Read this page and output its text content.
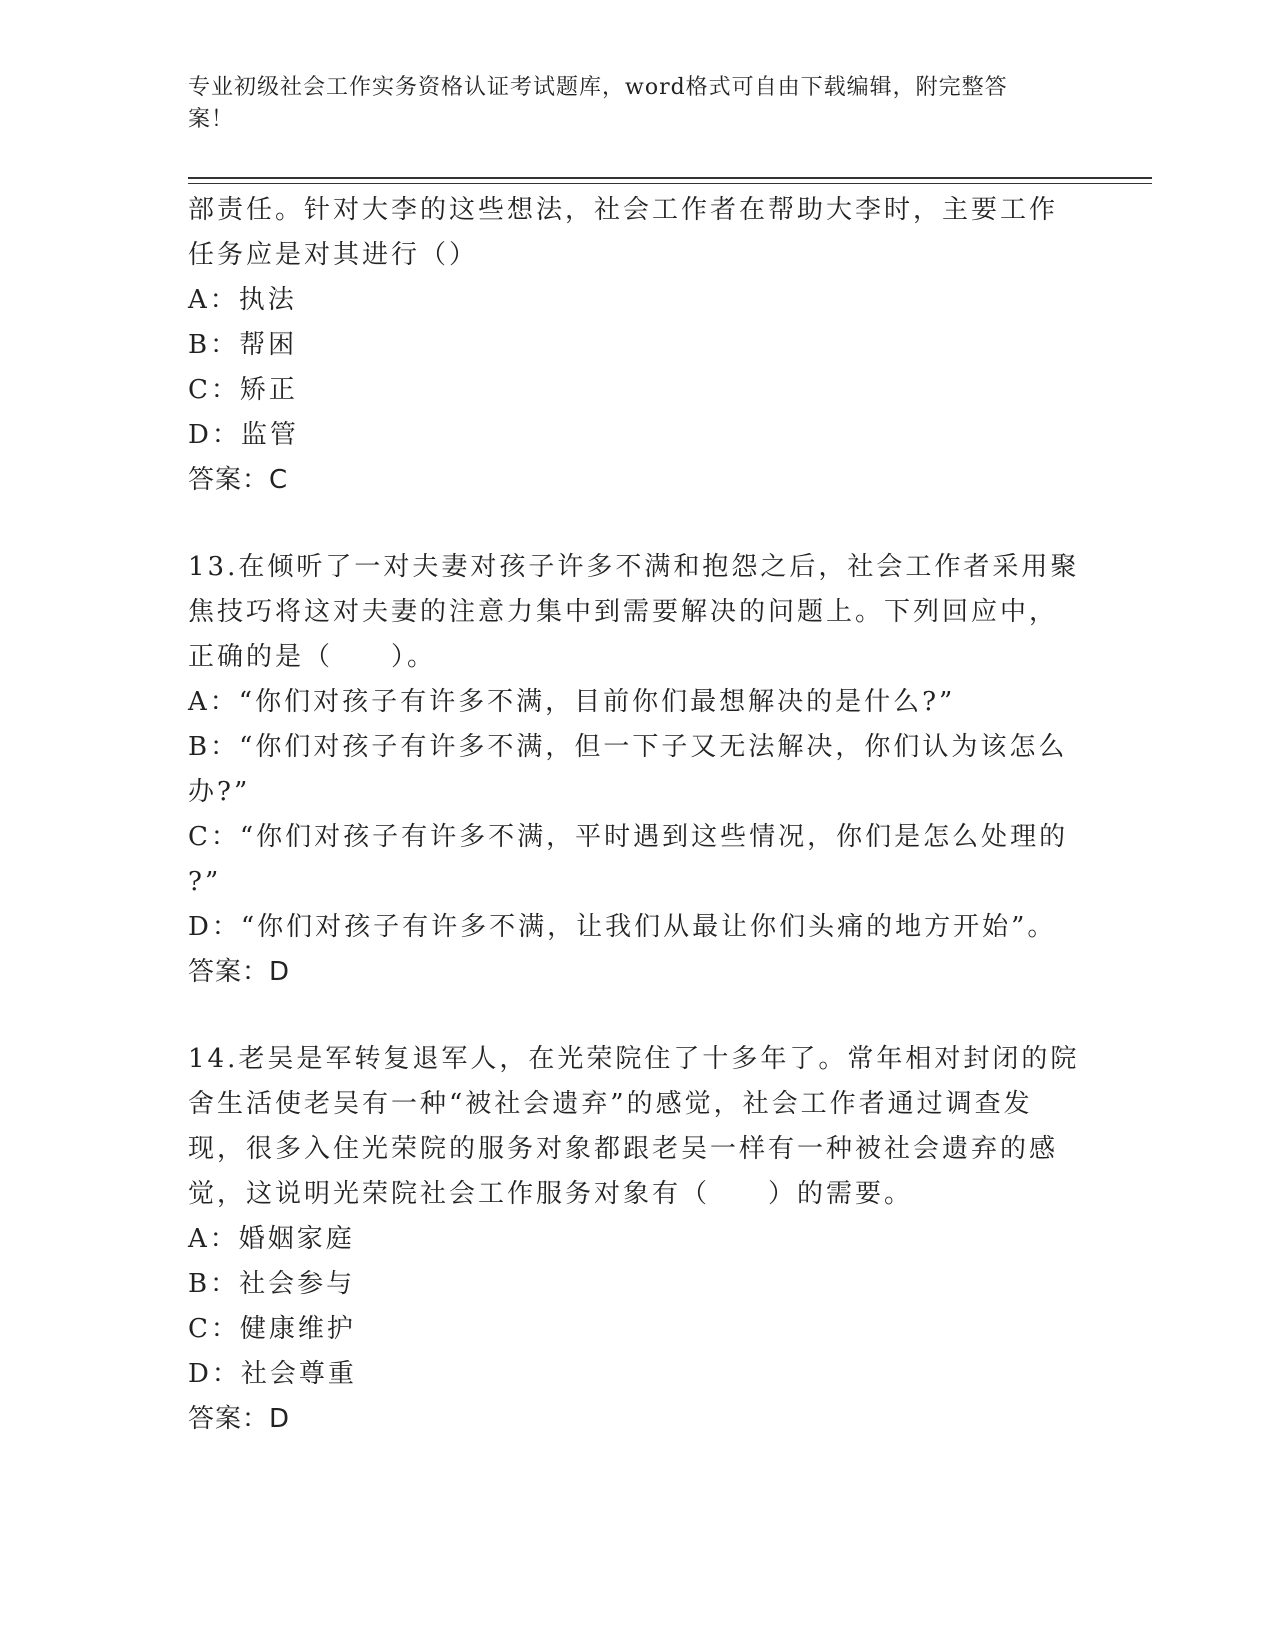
专业初级社会工作实务资格认证考试题库，word格式可自由下载编辑，附完整答
案！

部责任。针对大李的这些想法，社会工作者在帮助大李时，主要工作

任务应是对其进行（）

A：执法

B：帮困

C：矫正

D：监管

答案：C

13.在倾听了一对夫妻对孩子许多不满和抱怨之后，社会工作者采用聚

焦技巧将这对夫妻的注意力集中到需要解决的问题上。下列回应中，

正确的是（　　）。

A：“你们对孩子有许多不满，目前你们最想解决的是什么?”

B：“你们对孩子有许多不满，但一下子又无法解决，你们认为该怎么

办?”

C：“你们对孩子有许多不满，平时遇到这些情况，你们是怎么处理的

?”

D：“你们对孩子有许多不满，让我们从最让你们头痛的地方开始”。

答案：D

14.老吴是军转复退军人，在光荣院住了十多年了。常年相对封闭的院

舍生活使老吴有一种“被社会遗弃”的感觉，社会工作者通过调查发

现，很多入住光荣院的服务对象都跟老吴一样有一种被社会遗弃的感

觉，这说明光荣院社会工作服务对象有（　　）的需要。

A：婚姻家庭

B：社会参与

C：健康维护

D：社会尊重

答案：D
